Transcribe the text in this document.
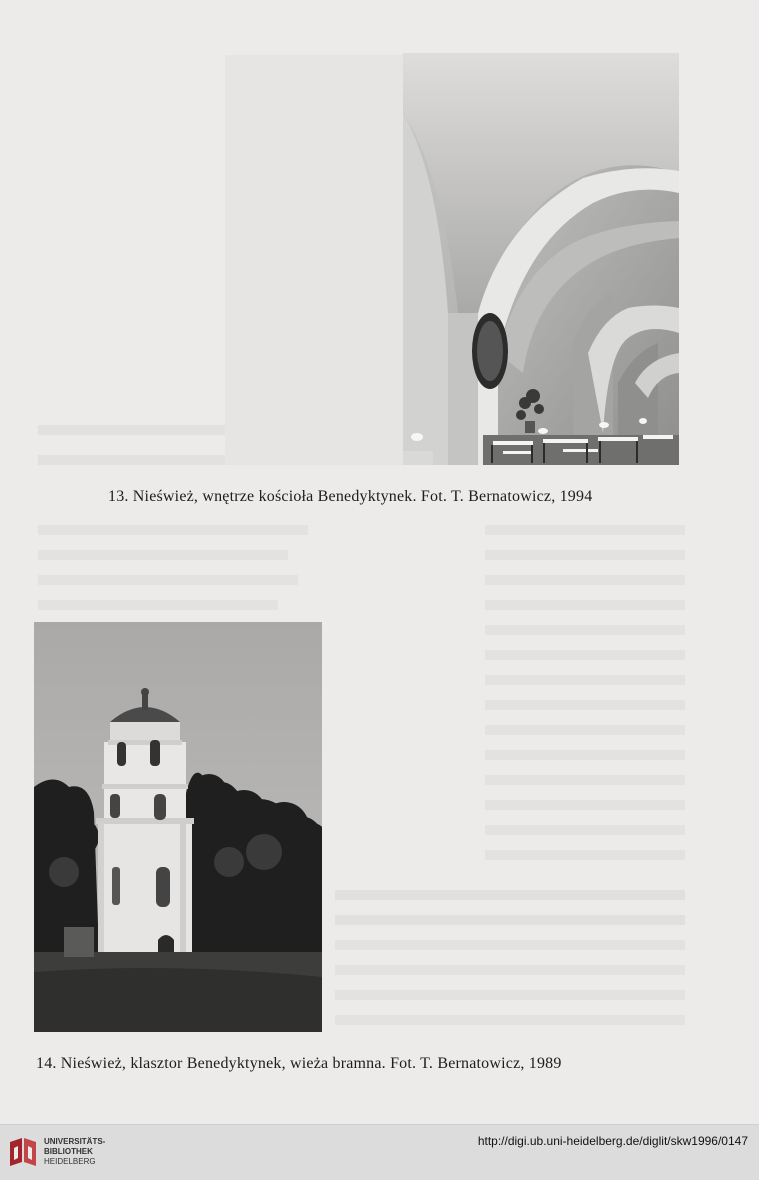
13. Nieśwież, wnętrze kościoła Benedyktynek. Fot. T. Bernatowicz, 1994
14. Nieśwież, klasztor Benedyktynek, wieża bramna. Fot. T. Bernatowicz, 1989
UNIVERSITÄTS-
BIBLIOTHEK
HEIDELBERG
http://digi.ub.uni-heidelberg.de/diglit/skw1996/0147
